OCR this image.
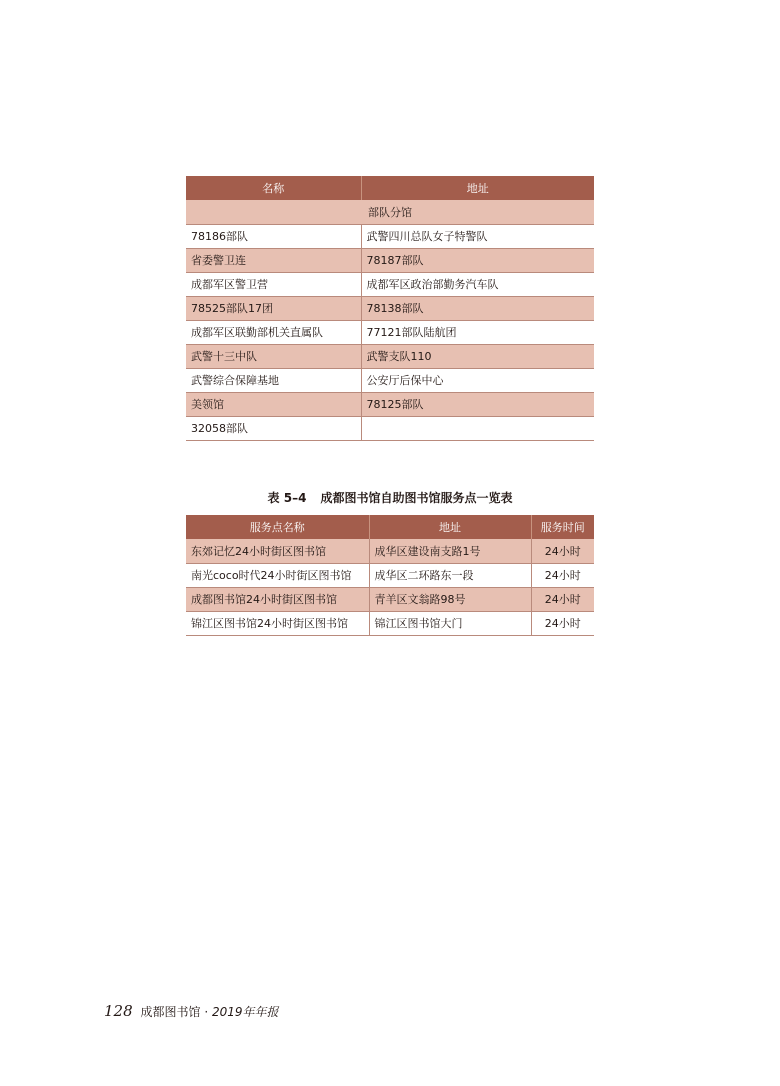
名称	地址
部队分馆	
78186部队	武警四川总队女子特警队
省委警卫连	78187部队
成都军区警卫营	成都军区政治部勤务汽车队
78525部队17团	78138部队
成都军区联勤部机关直属队	77121部队陆航团
武警十三中队	武警支队110
武警综合保障基地	公安厅后保中心
美领馆	78125部队
32058部队	
表 5–4 成都图书馆自助图书馆服务点一览表
服务点名称	地址	服务时间
东郊记忆24小时街区图书馆	成华区建设南支路1号	24小时
南光coco时代24小时街区图书馆	成华区二环路东一段	24小时
成都图书馆24小时街区图书馆	青羊区文翁路98号	24小时
锦江区图书馆24小时街区图书馆	锦江区图书馆大门	24小时
128 成都图书馆 · 2019年年报
